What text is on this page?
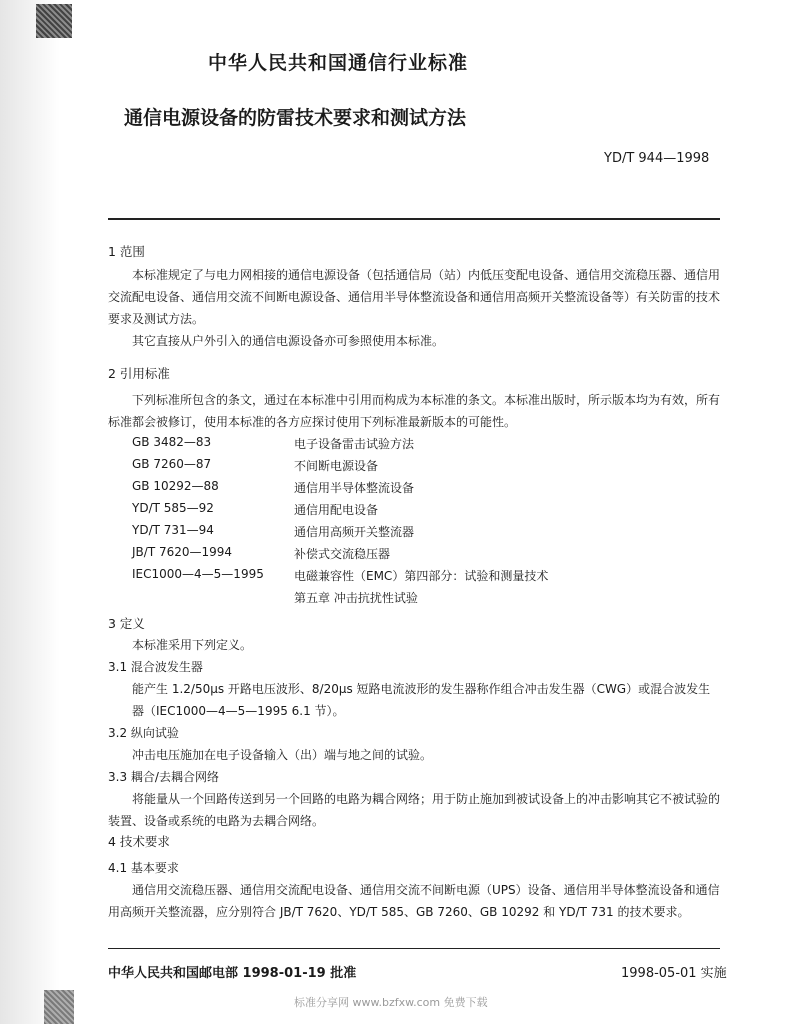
中华人民共和国通信行业标准
通信电源设备的防雷技术要求和测试方法
YD/T 944—1998
1 范围
本标准规定了与电力网相接的通信电源设备（包括通信局（站）内低压变配电设备、通信用交流稳压器、通信用交流配电设备、通信用交流不间断电源设备、通信用半导体整流设备和通信用高频开关整流设备等）有关防雷的技术要求及测试方法。
其它直接从户外引入的通信电源设备亦可参照使用本标准。
2 引用标准
下列标准所包含的条文，通过在本标准中引用而构成为本标准的条文。本标准出版时，所示版本均为有效，所有标准都会被修订，使用本标准的各方应探讨使用下列标准最新版本的可能性。
GB 3482—83	电子设备雷击试验方法
GB 7260—87	不间断电源设备
GB 10292—88	通信用半导体整流设备
YD/T 585—92	通信用配电设备
YD/T 731—94	通信用高频开关整流器
JB/T 7620—1994	补偿式交流稳压器
IEC1000—4—5—1995	电磁兼容性（EMC）第四部分：试验和测量技术
第五章 冲击抗扰性试验
3 定义
本标准采用下列定义。
3.1 混合波发生器
能产生 1.2/50μs 开路电压波形、8/20μs 短路电流波形的发生器称作组合冲击发生器（CWG）或混合波发生器（IEC1000—4—5—1995 6.1 节）。
3.2 纵向试验
冲击电压施加在电子设备输入（出）端与地之间的试验。
3.3 耦合/去耦合网络
将能量从一个回路传送到另一个回路的电路为耦合网络；用于防止施加到被试设备上的冲击影响其它不被试验的装置、设备或系统的电路为去耦合网络。
4 技术要求
4.1 基本要求
通信用交流稳压器、通信用交流配电设备、通信用交流不间断电源（UPS）设备、通信用半导体整流设备和通信用高频开关整流器，应分别符合 JB/T 7620、YD/T 585、GB 7260、GB 10292 和 YD/T 731 的技术要求。
中华人民共和国邮电部 1998-01-19 批准	1998-05-01 实施
标准分享网 www.bzfxw.com 免费下载
